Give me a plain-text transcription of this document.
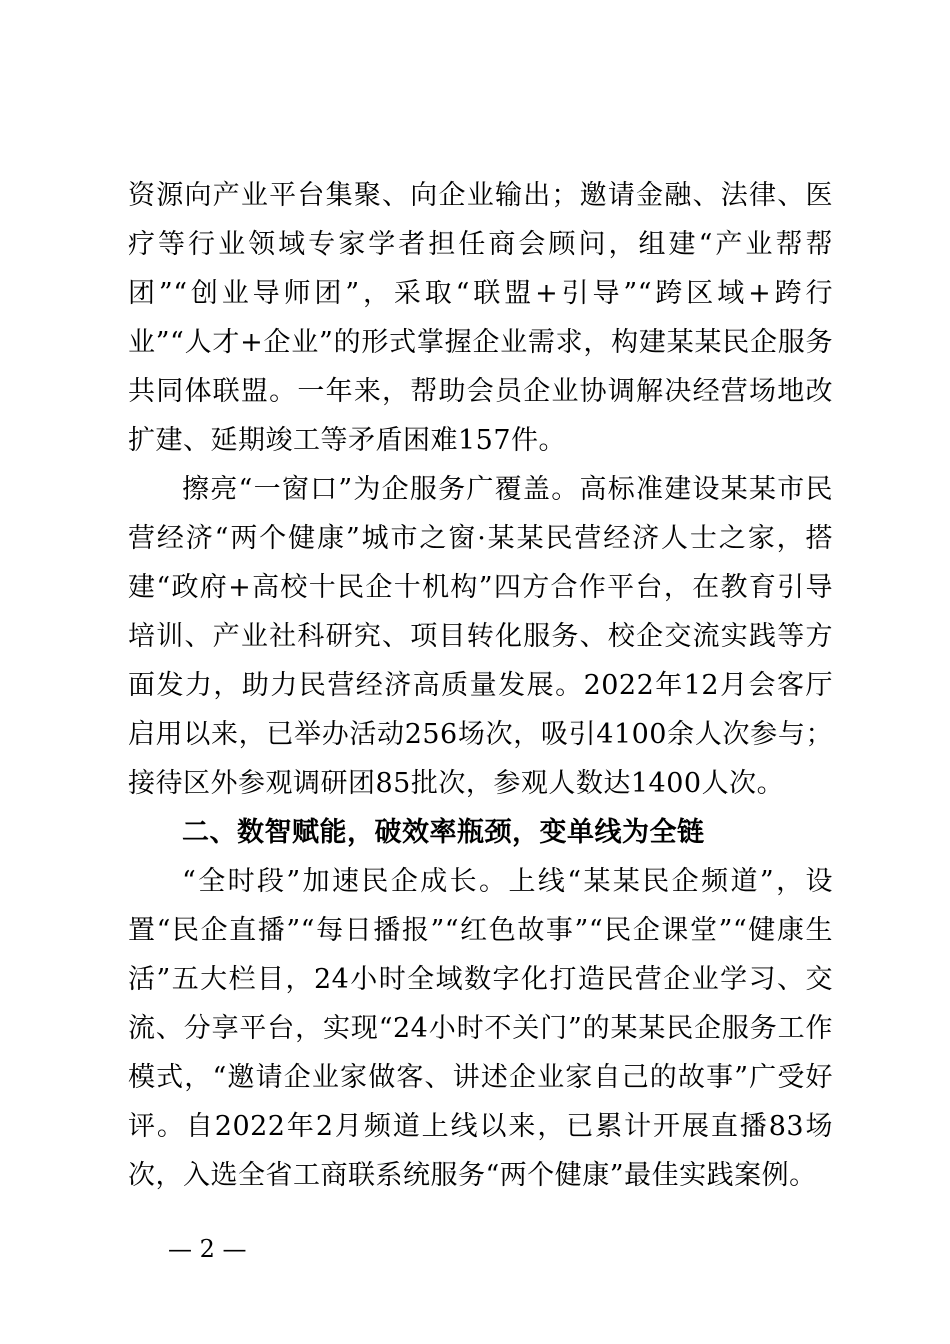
资源向产业平台集聚、向企业输出；邀请金融、法律、医疗等行业领域专家学者担任商会顾问，组建“产业帮帮团”“创业导师团”，采取“联盟+引导”“跨区域+跨行业”“人才+企业”的形式掌握企业需求，构建某某民企服务共同体联盟。一年来，帮助会员企业协调解决经营场地改扩建、延期竣工等矛盾困难157件。

擦亮“一窗口”为企服务广覆盖。高标准建设某某市民营经济“两个健康”城市之窗·某某民营经济人士之家，搭建“政府+高校十民企十机构”四方合作平台，在教育引导培训、产业社科研究、项目转化服务、校企交流实践等方面发力，助力民营经济高质量发展。2022年12月会客厅启用以来，已举办活动256场次，吸引4100余人次参与；接待区外参观调研团85批次，参观人数达1400人次。

二、数智赋能，破效率瓶颈，变单线为全链

“全时段”加速民企成长。上线“某某民企频道”，设置“民企直播”“每日播报”“红色故事”“民企课堂”“健康生活”五大栏目，24小时全域数字化打造民营企业学习、交流、分享平台，实现“24小时不关门”的某某民企服务工作模式，“邀请企业家做客、讲述企业家自己的故事”广受好评。自2022年2月频道上线以来，已累计开展直播83场次，入选全省工商联系统服务“两个健康”最佳实践案例。

— 2 —
